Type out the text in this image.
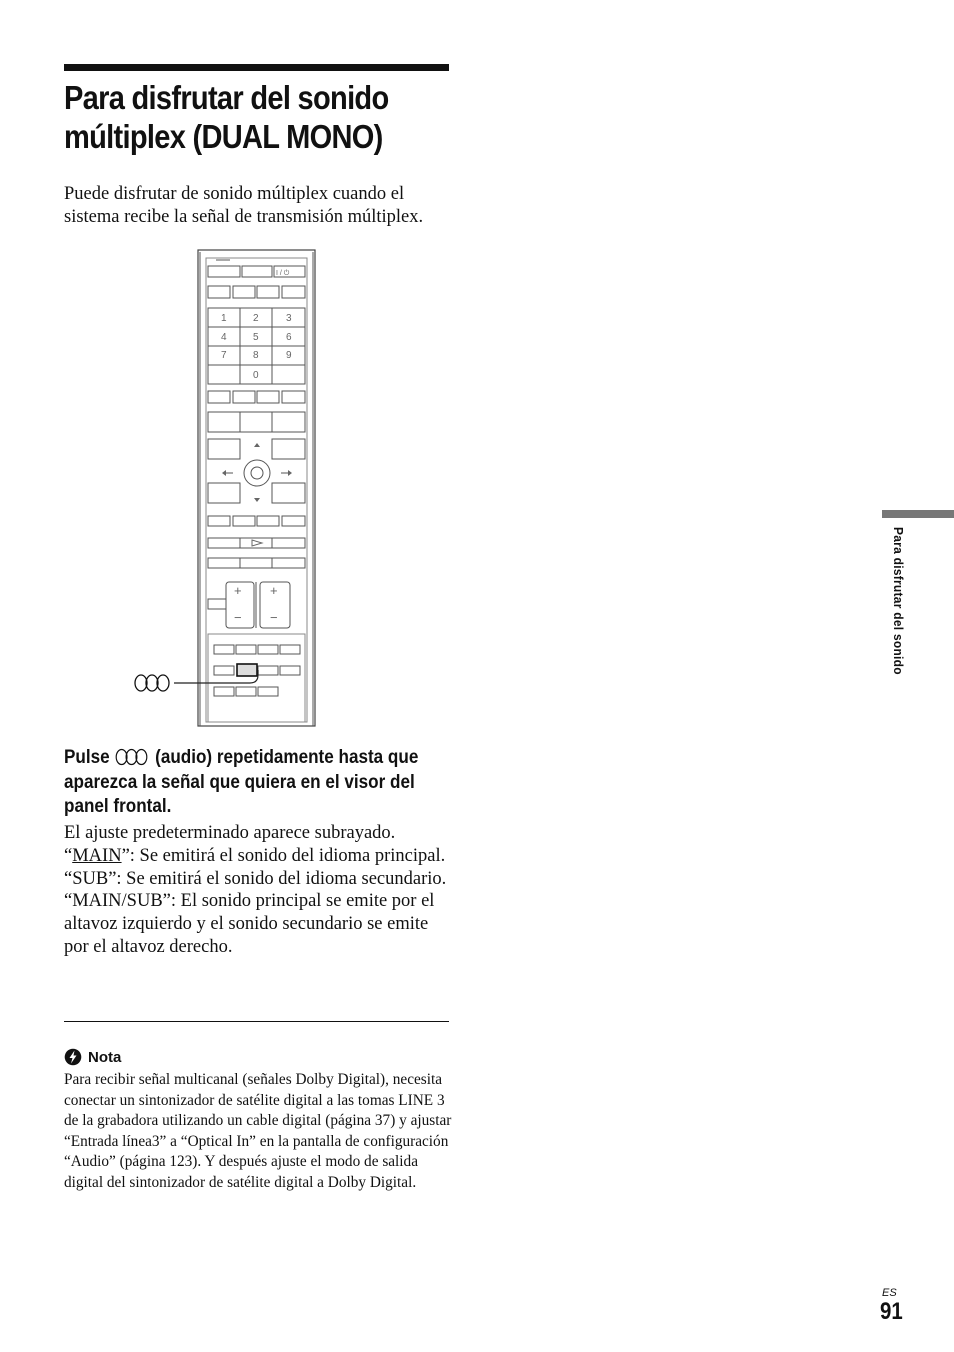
Para disfrutar del sonido
múltiplex (DUAL MONO)
Puede disfrutar de sonido múltiplex cuando el sistema recibe la señal de transmisión múltiplex.
I / ⏻
1	2	3
4	5	6
7	8	9
0
+ +
− −
Pulse (audio) repetidamente hasta que aparezca la señal que quiera en el visor del panel frontal.

El ajuste predeterminado aparece subrayado.

“MAIN”: Se emitirá el sonido del idioma principal.

“SUB”: Se emitirá el sonido del idioma secundario.

“MAIN/SUB”: El sonido principal se emite por el altavoz izquierdo y el sonido secundario se emite por el altavoz derecho.

Nota
Para recibir señal multicanal (señales Dolby Digital), necesita conectar un sintonizador de satélite digital a las tomas LINE 3 de la grabadora utilizando un cable digital (página 37) y ajustar “Entrada línea3” a “Optical In” en la pantalla de configuración “Audio” (página 123). Y después ajuste el modo de salida digital del sintonizador de satélite digital a Dolby Digital.
Para disfrutar del sonido
ES
91
